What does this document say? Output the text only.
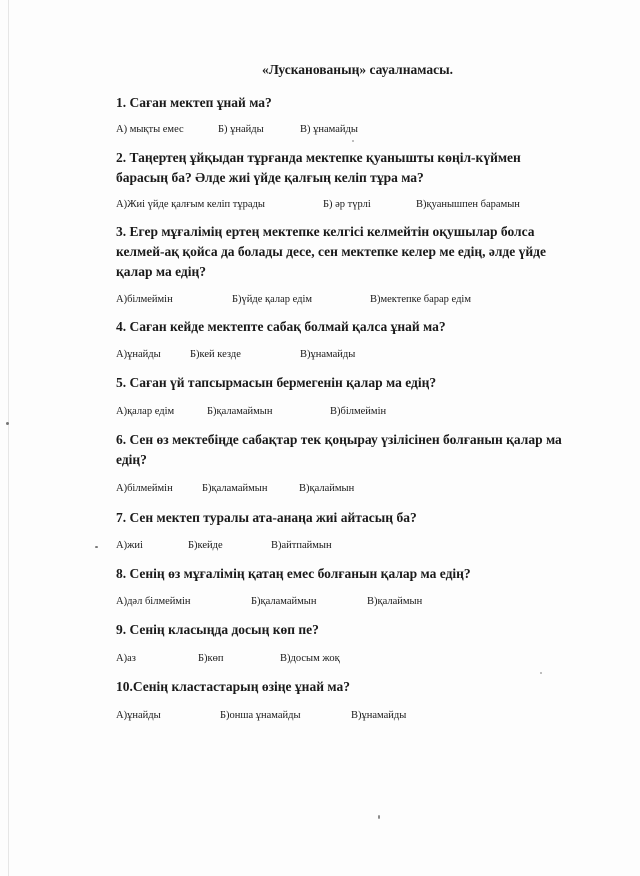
«Лусканованың» сауалнамасы.
1. Саған мектеп ұнай ма?
А) мықты емес	Б) ұнайды	В) ұнамайды
2. Таңертең ұйқыдан тұрғанда мектепке қуанышты көңіл-күймен
барасың ба? Әлде жиі үйде қалғың келіп тұра ма?
А)Жиі үйде қалғым келіп тұрады	Б) әр түрлі	В)қуанышпен барамын
3. Егер мұғалімің ертең мектепке келгісі келмейтін оқушылар болса
келмей-ақ қойса да болады десе, сен мектепке келер ме едің, әлде үйде
қалар ма едің?
А)білмеймін	Б)үйде қалар едім	В)мектепке барар едім
4. Саған кейде мектепте сабақ болмай қалса ұнай ма?
А)ұнайды	Б)кей кезде	В)ұнамайды
5. Саған үй тапсырмасын бермегенін қалар ма едің?
А)қалар едім	Б)қаламаймын	В)білмеймін
6. Сен өз мектебіңде сабақтар тек қоңырау үзілісінен болғанын қалар ма
едің?
А)білмеймін	Б)қаламаймын	В)қалаймын
7. Сен мектеп туралы ата-анаңа жиі айтасың ба?
А)жиі	Б)кейде	В)айтпаймын
8. Сенің өз мұғалімің қатаң емес болғанын қалар ма едің?
А)дәл білмеймін	Б)қаламаймын	В)қалаймын
9. Сенің класыңда досың көп пе?
А)аз	Б)көп	В)досым жоқ
10.Сенің кластастарың өзіңе ұнай ма?
А)ұнайды	Б)онша ұнамайды	В)ұнамайды
